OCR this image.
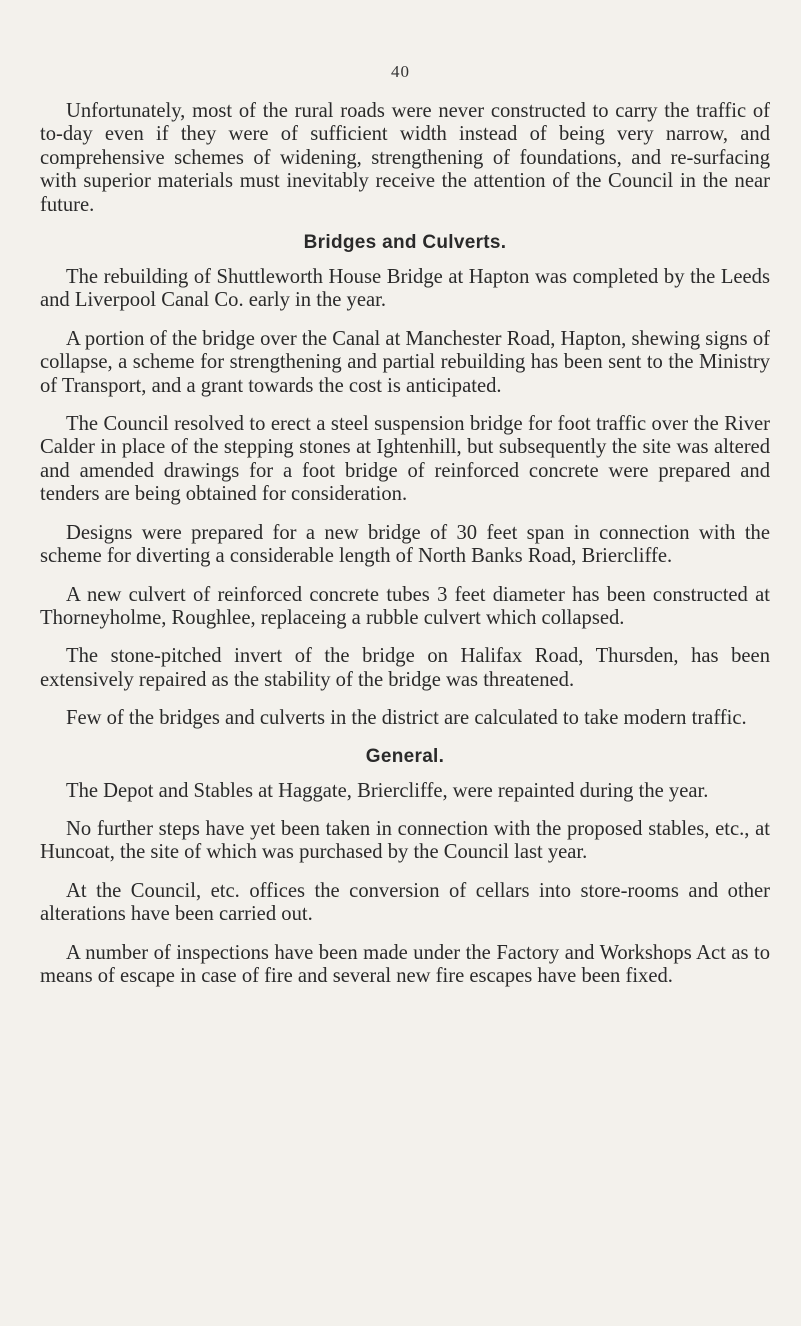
40

Unfortunately, most of the rural roads were never constructed to carry the traffic of to-day even if they were of sufficient width instead of being very narrow, and comprehensive schemes of widening, strengthening of foundations, and re-surfacing with superior materials must inevitably receive the attention of the Council in the near future.

Bridges and Culverts.

The rebuilding of Shuttleworth House Bridge at Hapton was completed by the Leeds and Liverpool Canal Co. early in the year.

A portion of the bridge over the Canal at Manchester Road, Hapton, shewing signs of collapse, a scheme for strengthening and partial rebuilding has been sent to the Ministry of Transport, and a grant towards the cost is anticipated.

The Council resolved to erect a steel suspension bridge for foot traffic over the River Calder in place of the stepping stones at Ightenhill, but subsequently the site was altered and amended drawings for a foot bridge of reinforced concrete were prepared and tenders are being obtained for consideration.

Designs were prepared for a new bridge of 30 feet span in connection with the scheme for diverting a considerable length of North Banks Road, Briercliffe.

A new culvert of reinforced concrete tubes 3 feet diameter has been constructed at Thorneyholme, Roughlee, replaceing a rubble culvert which collapsed.

The stone-pitched invert of the bridge on Halifax Road, Thursden, has been extensively repaired as the stability of the bridge was threatened.

Few of the bridges and culverts in the district are calculated to take modern traffic.

General.

The Depot and Stables at Haggate, Briercliffe, were repainted during the year.

No further steps have yet been taken in connection with the proposed stables, etc., at Huncoat, the site of which was purchased by the Council last year.

At the Council, etc. offices the conversion of cellars into store-rooms and other alterations have been carried out.

A number of inspections have been made under the Factory and Workshops Act as to means of escape in case of fire and several new fire escapes have been fixed.
